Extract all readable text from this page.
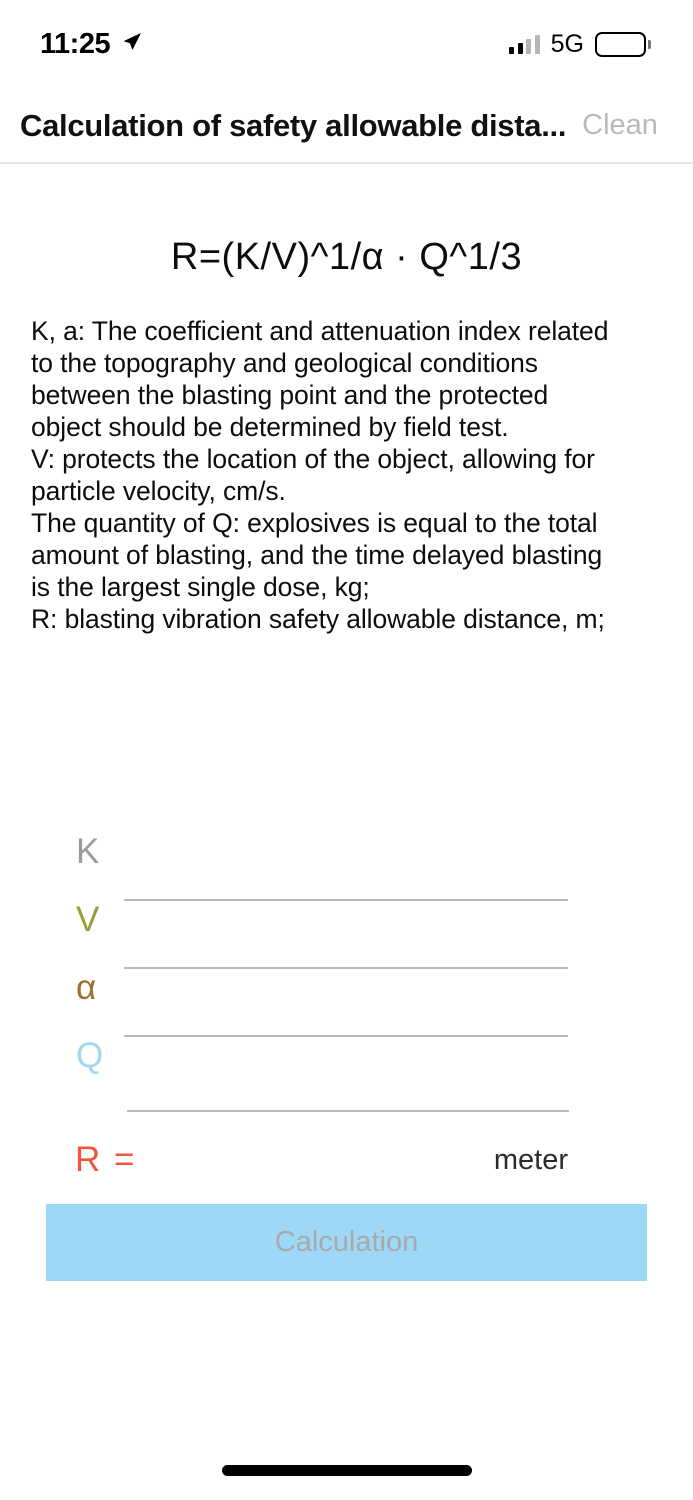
11:25	5G
Calculation of safety allowable dista... Clean
R=(K/V)^1/α · Q^1/3

K, a: The coefficient and attenuation index related

to the topography and geological conditions

between the blasting point and the protected

object should be determined by field test.

V: protects the location of the object, allowing for

particle velocity, cm/s.

The quantity of Q: explosives is equal to the total

amount of blasting, and the time delayed blasting

is the largest single dose, kg;

R: blasting vibration safety allowable distance, m;

K
V
α
Q
R =	meter
Calculation
